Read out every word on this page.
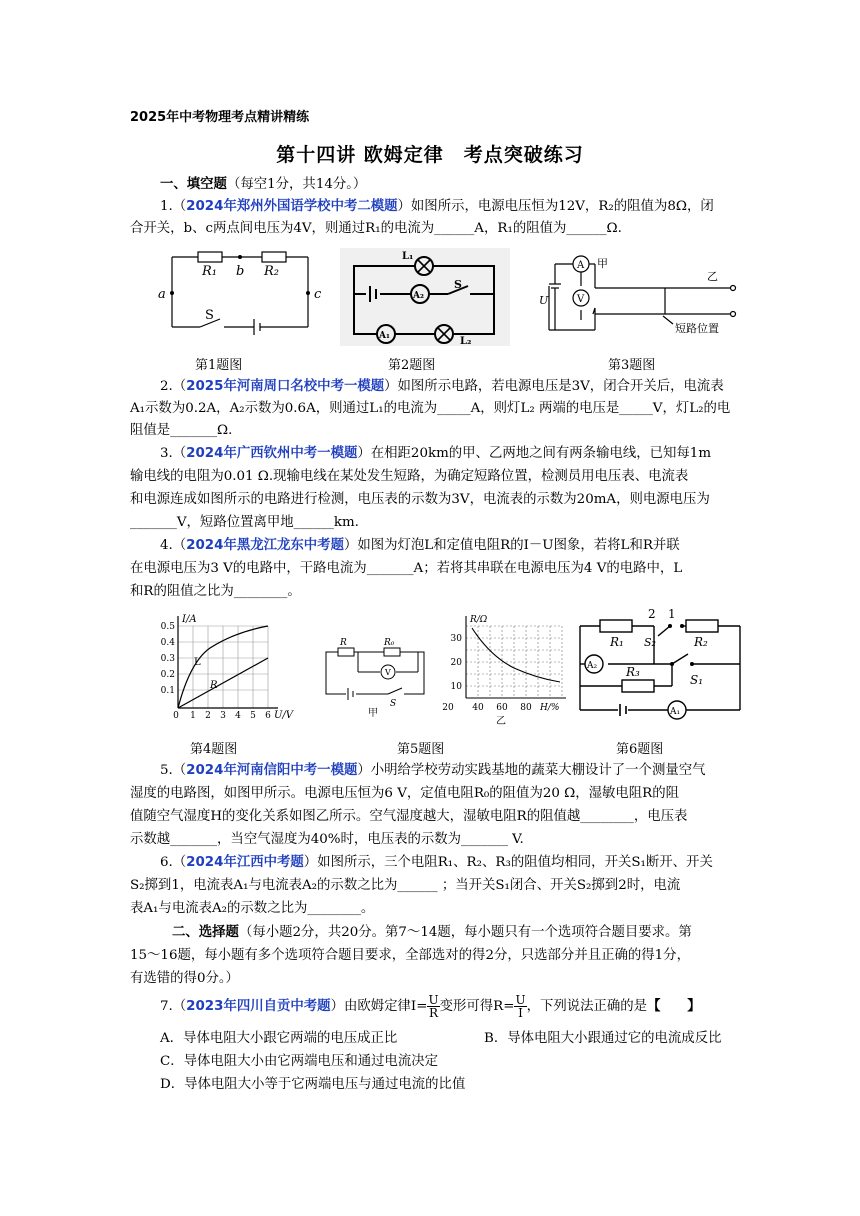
2025年中考物理考点精讲精练
第十四讲 欧姆定律　考点突破练习
一、填空题（每空1分，共14分。）
1.（2024年郑州外国语学校中考二模题）如图所示，电源电压恒为12V，R₂的阻值为8Ω，闭
合开关，b、c两点间电压为4V，则通过R₁的电流为______A，R₁的阻值为______Ω.
R₁ b R₂
a	c
S
L₁
A₂
S
A₁	L₂
A 甲
V
U
乙
短路位置
第1题图	第2题图	第3题图
2.（2025年河南周口名校中考一模题）如图所示电路，若电源电压是3V，闭合开关后，电流表
A₁示数为0.2A，A₂示数为0.6A，则通过L₁的电流为_____A，则灯L₂ 两端的电压是_____V，灯L₂的电
阻值是_______Ω.
3.（2024年广西钦州中考一模题）在相距20km的甲、乙两地之间有两条输电线，已知每1m
输电线的电阻为0.01 Ω.现输电线在某处发生短路，为确定短路位置，检测员用电压表、电流表
和电源连成如图所示的电路进行检测，电压表的示数为3V，电流表的示数为20mA，则电源电压为
_______V，短路位置离甲地______km.
4.（2024年黑龙江龙东中考题）如图为灯泡L和定值电阻R的I－U图象，若将L和R并联
在电源电压为3 V的电路中，干路电流为_______A；若将其串联在电源电压为4 V的电路中，L
和R的阻值之比为________。
I/A
U/V
0.5
0.4
0.3
0.2
0.1
0 1 2 3 4 5 6
L
R
R	R₀
V
S
甲
R/Ω
H/%
30
20
10
20 40 60 80
乙
2 1
R₁ S₂	R₂
A₂ R₃
S₁
A₁
第4题图	第5题图	第6题图
5.（2024年河南信阳中考一模题）小明给学校劳动实践基地的蔬菜大棚设计了一个测量空气
湿度的电路图，如图甲所示。电源电压恒为6 V，定值电阻R₀的阻值为20 Ω，湿敏电阻R的阻
值随空气湿度H的变化关系如图乙所示。空气湿度越大，湿敏电阻R的阻值越________，电压表
示数越_______，当空气湿度为40%时，电压表的示数为_______ V.
6.（2024年江西中考题）如图所示，三个电阻R₁、R₂、R₃的阻值均相同，开关S₁断开、开关
S₂掷到1，电流表A₁与电流表A₂的示数之比为______ ；当开关S₁闭合、开关S₂掷到2时，电流
表A₁与电流表A₂的示数之比为________。
二、选择题（每小题2分，共20分。第7～14题，每小题只有一个选项符合题目要求。第
15～16题，每小题有多个选项符合题目要求，全部选对的得2分，只选部分并且正确的得1分，
有选错的得0分。）
7.（2023年四川自贡中考题）由欧姆定律$I= \frac{U}{R}$ 变形可得$R= \frac{U}{I}$ ，下列说法正确的是【　　】
A．导体电阻大小跟它两端的电压成正比	B．导体电阻大小跟通过它的电流成反比
C．导体电阻大小由它两端电压和通过电流决定
D．导体电阻大小等于它两端电压与通过电流的比值
